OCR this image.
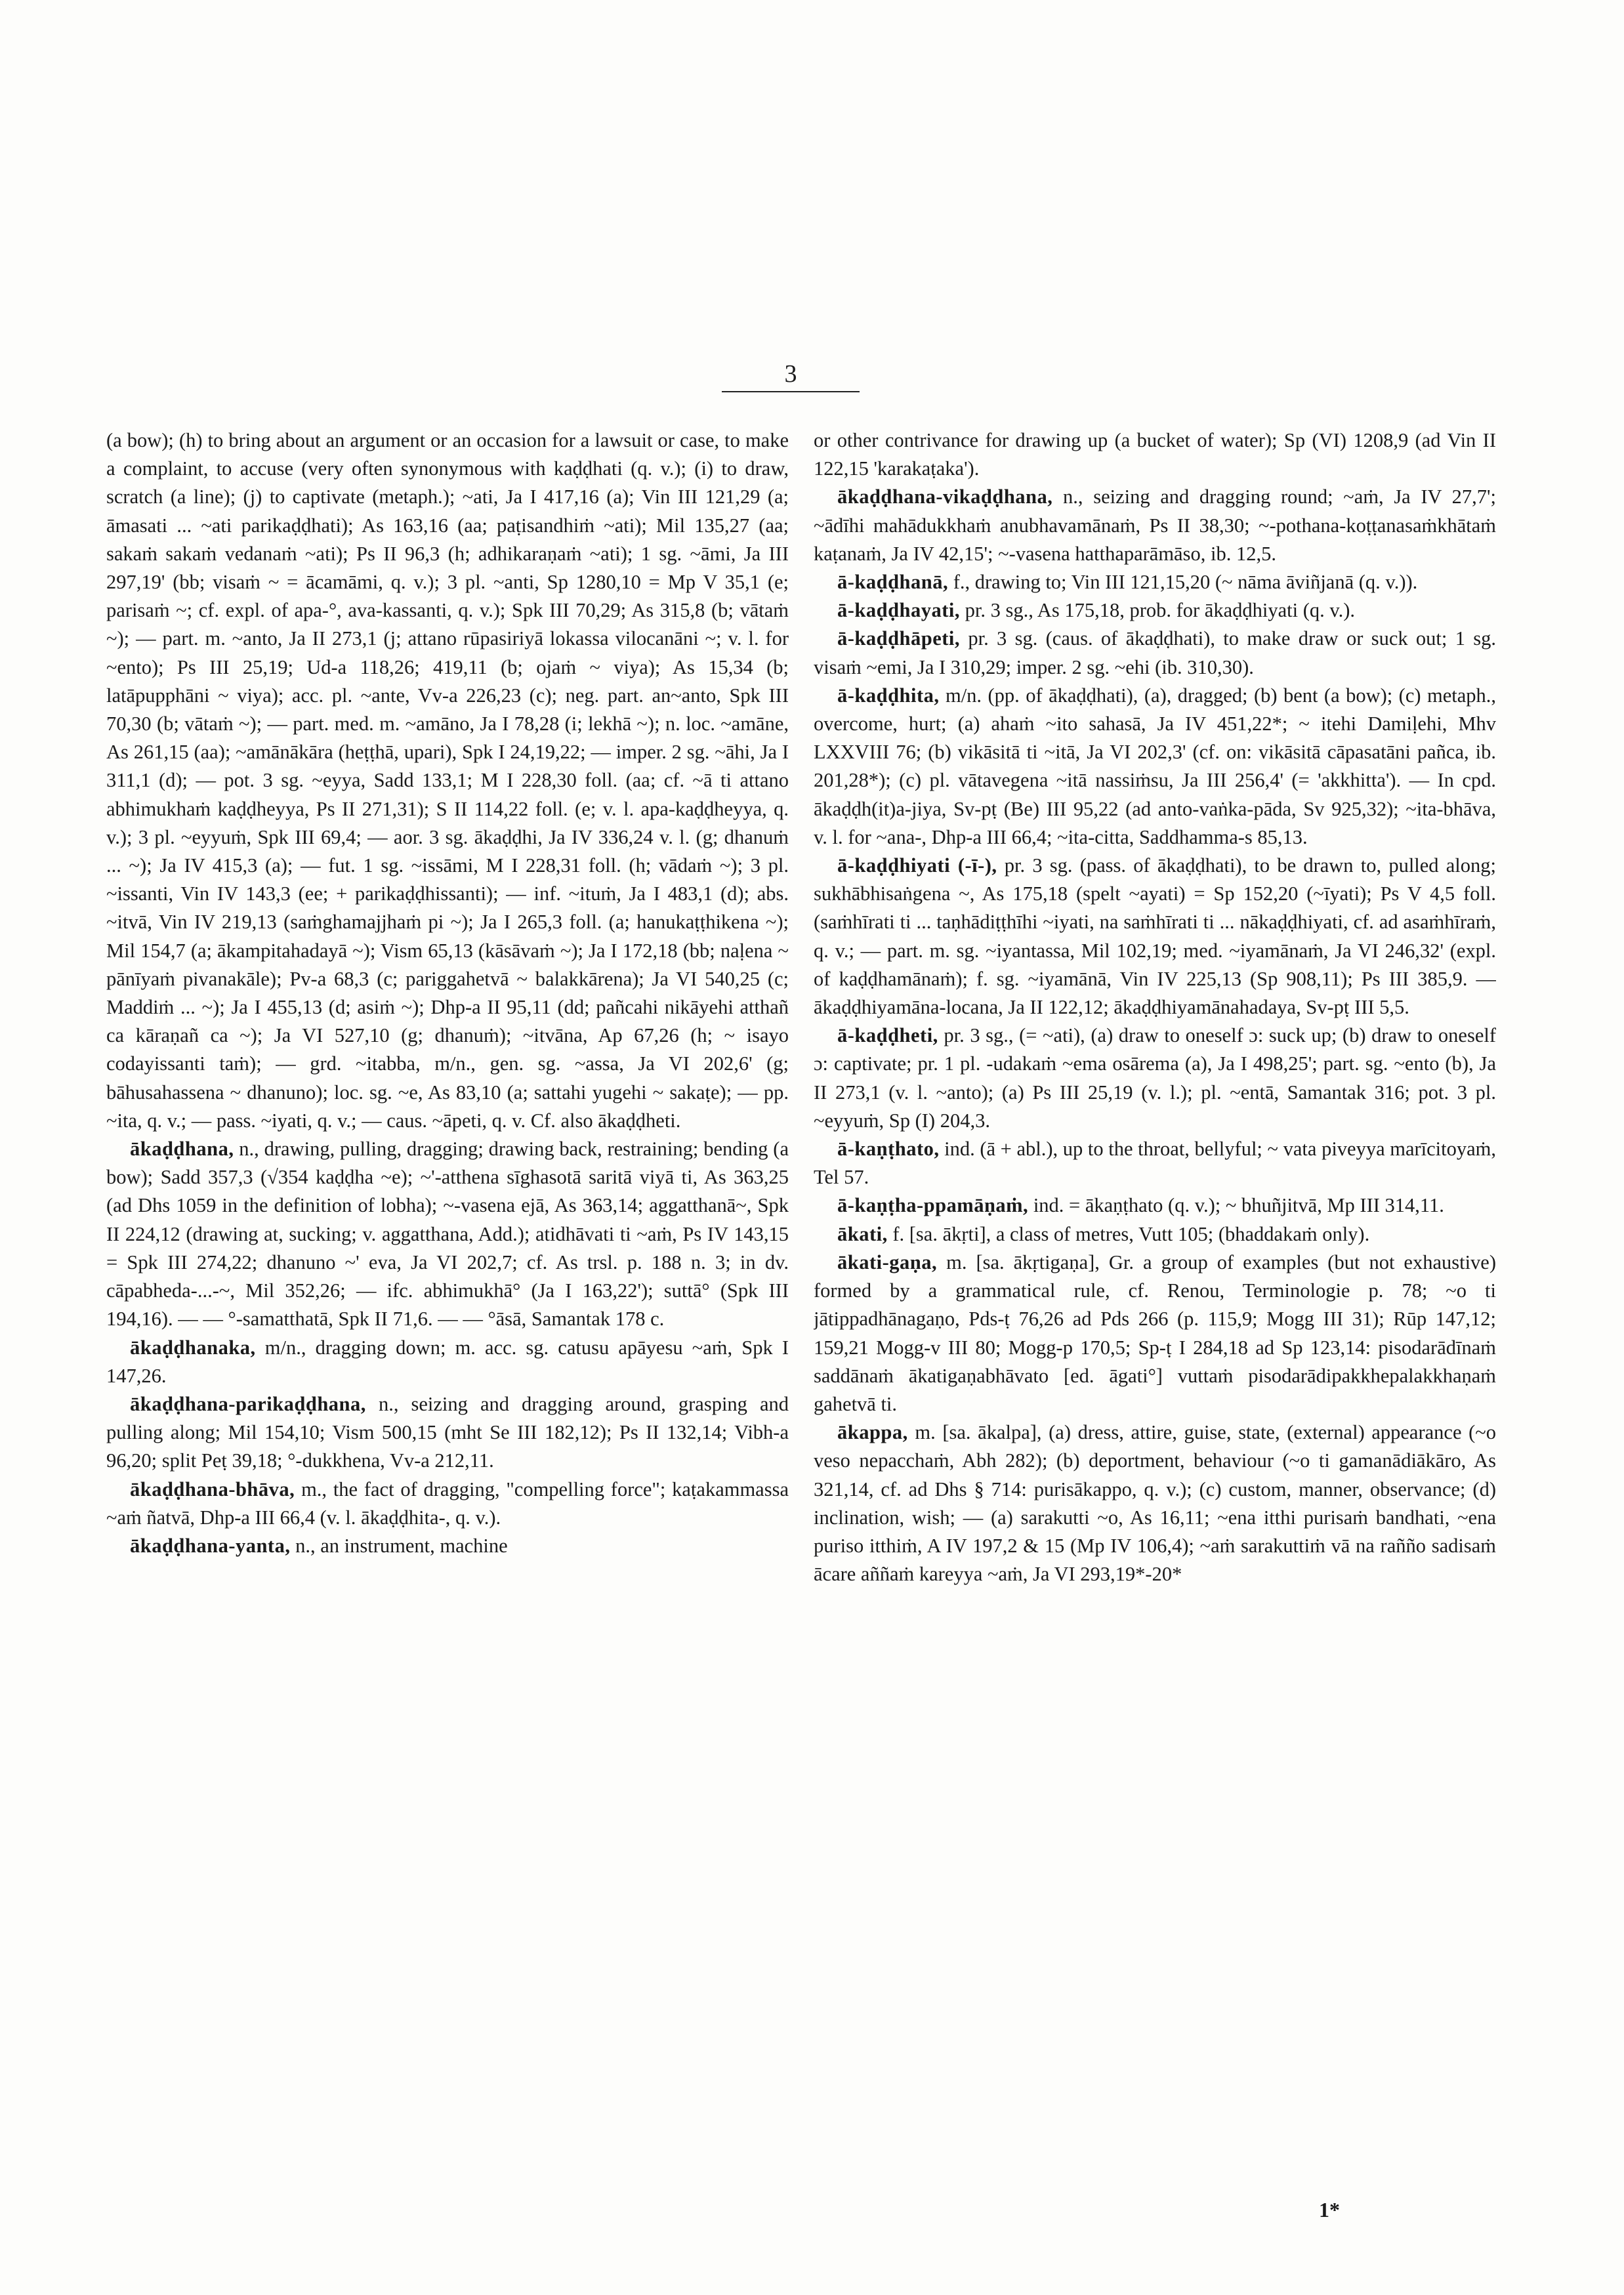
3

(a bow); (h) to bring about an argument or an occasion for a lawsuit or case, to make a complaint, to accuse (very often synonymous with kaḍḍhati (q. v.); (i) to draw, scratch (a line); (j) to captivate (metaph.); ~ati, Ja I 417,16 (a); Vin III 121,29 (a; āmasati ... ~ati parikaḍḍhati); As 163,16 (aa; paṭisandhiṁ ~ati); Mil 135,27 (aa; sakaṁ sakaṁ vedanaṁ ~ati); Ps II 96,3 (h; adhikaraṇaṁ ~ati); 1 sg. ~āmi, Ja III 297,19' (bb; visaṁ ~ = ācamāmi, q. v.); 3 pl. ~anti, Sp 1280,10 = Mp V 35,1 (e; parisaṁ ~; cf. expl. of apa-°, ava-kassanti, q. v.); Spk III 70,29; As 315,8 (b; vātaṁ ~); — part. m. ~anto, Ja II 273,1 (j; attano rūpasiriyā lokassa vilocanāni ~; v. l. for ~ento); Ps III 25,19; Ud-a 118,26; 419,11 (b; ojaṁ ~ viya); As 15,34 (b; latāpupphāni ~ viya); acc. pl. ~ante, Vv-a 226,23 (c); neg. part. an~anto, Spk III 70,30 (b; vātaṁ ~); — part. med. m. ~amāno, Ja I 78,28 (i; lekhā ~); n. loc. ~amāne, As 261,15 (aa); ~amānākāra (heṭṭhā, upari), Spk I 24,19,22; — imper. 2 sg. ~āhi, Ja I 311,1 (d); — pot. 3 sg. ~eyya, Sadd 133,1; M I 228,30 foll. (aa; cf. ~ā ti attano abhimukhaṁ kaḍḍheyya, Ps II 271,31); S II 114,22 foll. (e; v. l. apa-kaḍḍheyya, q. v.); 3 pl. ~eyyuṁ, Spk III 69,4; — aor. 3 sg. ākaḍḍhi, Ja IV 336,24 v. l. (g; dhanuṁ ... ~); Ja IV 415,3 (a); — fut. 1 sg. ~issāmi, M I 228,31 foll. (h; vādaṁ ~); 3 pl. ~issanti, Vin IV 143,3 (ee; + parikaḍḍhissanti); — inf. ~ituṁ, Ja I 483,1 (d); abs. ~itvā, Vin IV 219,13 (saṁghamajjhaṁ pi ~); Ja I 265,3 foll. (a; hanukaṭṭhikena ~); Mil 154,7 (a; ākampitahadayā ~); Vism 65,13 (kāsāvaṁ ~); Ja I 172,18 (bb; naḷena ~ pānīyaṁ pivanakāle); Pv-a 68,3 (c; pariggahetvā ~ balakkārena); Ja VI 540,25 (c; Maddiṁ ... ~); Ja I 455,13 (d; asiṁ ~); Dhp-a II 95,11 (dd; pañcahi nikāyehi atthañ ca kāraṇañ ca ~); Ja VI 527,10 (g; dhanuṁ); ~itvāna, Ap 67,26 (h; ~ isayo codayissanti taṁ); — grd. ~itabba, m/n., gen. sg. ~assa, Ja VI 202,6' (g; bāhusahassena ~ dhanuno); loc. sg. ~e, As 83,10 (a; sattahi yugehi ~ sakaṭe); — pp. ~ita, q. v.; — pass. ~iyati, q. v.; — caus. ~āpeti, q. v. Cf. also ākaḍḍheti.

ākaḍḍhana, n., drawing, pulling, dragging; drawing back, restraining; bending (a bow); Sadd 357,3 (√354 kaḍḍha ~e); ~'-atthena sīghasotā saritā viyā ti, As 363,25 (ad Dhs 1059 in the definition of lobha); ~-vasena ejā, As 363,14; aggatthanā~, Spk II 224,12 (drawing at, sucking; v. aggatthana, Add.); atidhāvati ti ~aṁ, Ps IV 143,15 = Spk III 274,22; dhanuno ~' eva, Ja VI 202,7; cf. As trsl. p. 188 n. 3; in dv. cāpabheda-...-~, Mil 352,26; — ifc. abhimukhā° (Ja I 163,22'); suttā° (Spk III 194,16). — — °-samatthatā, Spk II 71,6. — — °āsā, Samantak 178 c.

ākaḍḍhanaka, m/n., dragging down; m. acc. sg. catusu apāyesu ~aṁ, Spk I 147,26.

ākaḍḍhana-parikaḍḍhana, n., seizing and dragging around, grasping and pulling along; Mil 154,10; Vism 500,15 (mht Se III 182,12); Ps II 132,14; Vibh-a 96,20; split Peṭ 39,18; °-dukkhena, Vv-a 212,11.

ākaḍḍhana-bhāva, m., the fact of dragging, "compelling force"; kaṭakammassa ~aṁ ñatvā, Dhp-a III 66,4 (v. l. ākaḍḍhita-, q. v.).

ākaḍḍhana-yanta, n., an instrument, machine

or other contrivance for drawing up (a bucket of water); Sp (VI) 1208,9 (ad Vin II 122,15 'karakaṭaka').

ākaḍḍhana-vikaḍḍhana, n., seizing and dragging round; ~aṁ, Ja IV 27,7'; ~ādīhi mahādukkhaṁ anubhavamānaṁ, Ps II 38,30; ~-pothana-koṭṭanasaṁkhātaṁ kaṭanaṁ, Ja IV 42,15'; ~-vasena hatthaparāmāso, ib. 12,5.

ā-kaḍḍhanā, f., drawing to; Vin III 121,15,20 (~ nāma āviñjanā (q. v.)).

ā-kaḍḍhayati, pr. 3 sg., As 175,18, prob. for ākaḍḍhiyati (q. v.).

ā-kaḍḍhāpeti, pr. 3 sg. (caus. of ākaḍḍhati), to make draw or suck out; 1 sg. visaṁ ~emi, Ja I 310,29; imper. 2 sg. ~ehi (ib. 310,30).

ā-kaḍḍhita, m/n. (pp. of ākaḍḍhati), (a), dragged; (b) bent (a bow); (c) metaph., overcome, hurt; (a) ahaṁ ~ito sahasā, Ja IV 451,22*; ~ itehi Damiḷehi, Mhv LXXVIII 76; (b) vikāsitā ti ~itā, Ja VI 202,3' (cf. on: vikāsitā cāpasatāni pañca, ib. 201,28*); (c) pl. vātavegena ~itā nassiṁsu, Ja III 256,4' (= 'akkhitta'). — In cpd. ākaḍḍh(it)a-jiya, Sv-pṭ (Be) III 95,22 (ad anto-vaṅka-pāda, Sv 925,32); ~ita-bhāva, v. l. for ~ana-, Dhp-a III 66,4; ~ita-citta, Saddhamma-s 85,13.

ā-kaḍḍhiyati (-ī-), pr. 3 sg. (pass. of ākaḍḍhati), to be drawn to, pulled along; sukhābhisaṅgena ~, As 175,18 (spelt ~ayati) = Sp 152,20 (~īyati); Ps V 4,5 foll. (saṁhīrati ti ... taṇhādiṭṭhīhi ~iyati, na saṁhīrati ti ... nākaḍḍhiyati, cf. ad asaṁhīraṁ, q. v.; — part. m. sg. ~iyantassa, Mil 102,19; med. ~iyamānaṁ, Ja VI 246,32' (expl. of kaḍḍhamānaṁ); f. sg. ~iyamānā, Vin IV 225,13 (Sp 908,11); Ps III 385,9. — ākaḍḍhiyamāna-locana, Ja II 122,12; ākaḍḍhiyamānahadaya, Sv-pṭ III 5,5.

ā-kaḍḍheti, pr. 3 sg., (= ~ati), (a) draw to oneself ɔ: suck up; (b) draw to oneself ɔ: captivate; pr. 1 pl. -udakaṁ ~ema osārema (a), Ja I 498,25'; part. sg. ~ento (b), Ja II 273,1 (v. l. ~anto); (a) Ps III 25,19 (v. l.); pl. ~entā, Samantak 316; pot. 3 pl. ~eyyuṁ, Sp (I) 204,3.

ā-kaṇṭhato, ind. (ā + abl.), up to the throat, bellyful; ~ vata piveyya marīcitoyaṁ, Tel 57.

ā-kaṇṭha-ppamāṇaṁ, ind. = ākaṇṭhato (q. v.); ~ bhuñjitvā, Mp III 314,11.

ākati, f. [sa. ākṛti], a class of metres, Vutt 105; (bhaddakaṁ only).

ākati-gaṇa, m. [sa. ākṛtigaṇa], Gr. a group of examples (but not exhaustive) formed by a grammatical rule, cf. Renou, Terminologie p. 78; ~o ti jātippadhānagaṇo, Pds-ṭ 76,26 ad Pds 266 (p. 115,9; Mogg III 31); Rūp 147,12; 159,21 Mogg-v III 80; Mogg-p 170,5; Sp-ṭ I 284,18 ad Sp 123,14: pisodarādīnaṁ saddānaṁ ākatigaṇabhāvato [ed. āgati°] vuttaṁ pisodarādipakkhepalakkhaṇaṁ gahetvā ti.

ākappa, m. [sa. ākalpa], (a) dress, attire, guise, state, (external) appearance (~o veso nepacchaṁ, Abh 282); (b) deportment, behaviour (~o ti gamanādiākāro, As 321,14, cf. ad Dhs § 714: purisākappo, q. v.); (c) custom, manner, observance; (d) inclination, wish; — (a) sarakutti ~o, As 16,11; ~ena itthi purisaṁ bandhati, ~ena puriso itthiṁ, A IV 197,2 & 15 (Mp IV 106,4); ~aṁ sarakuttiṁ vā na rañño sadisaṁ ācare aññaṁ kareyya ~aṁ, Ja VI 293,19*-20*

1*
